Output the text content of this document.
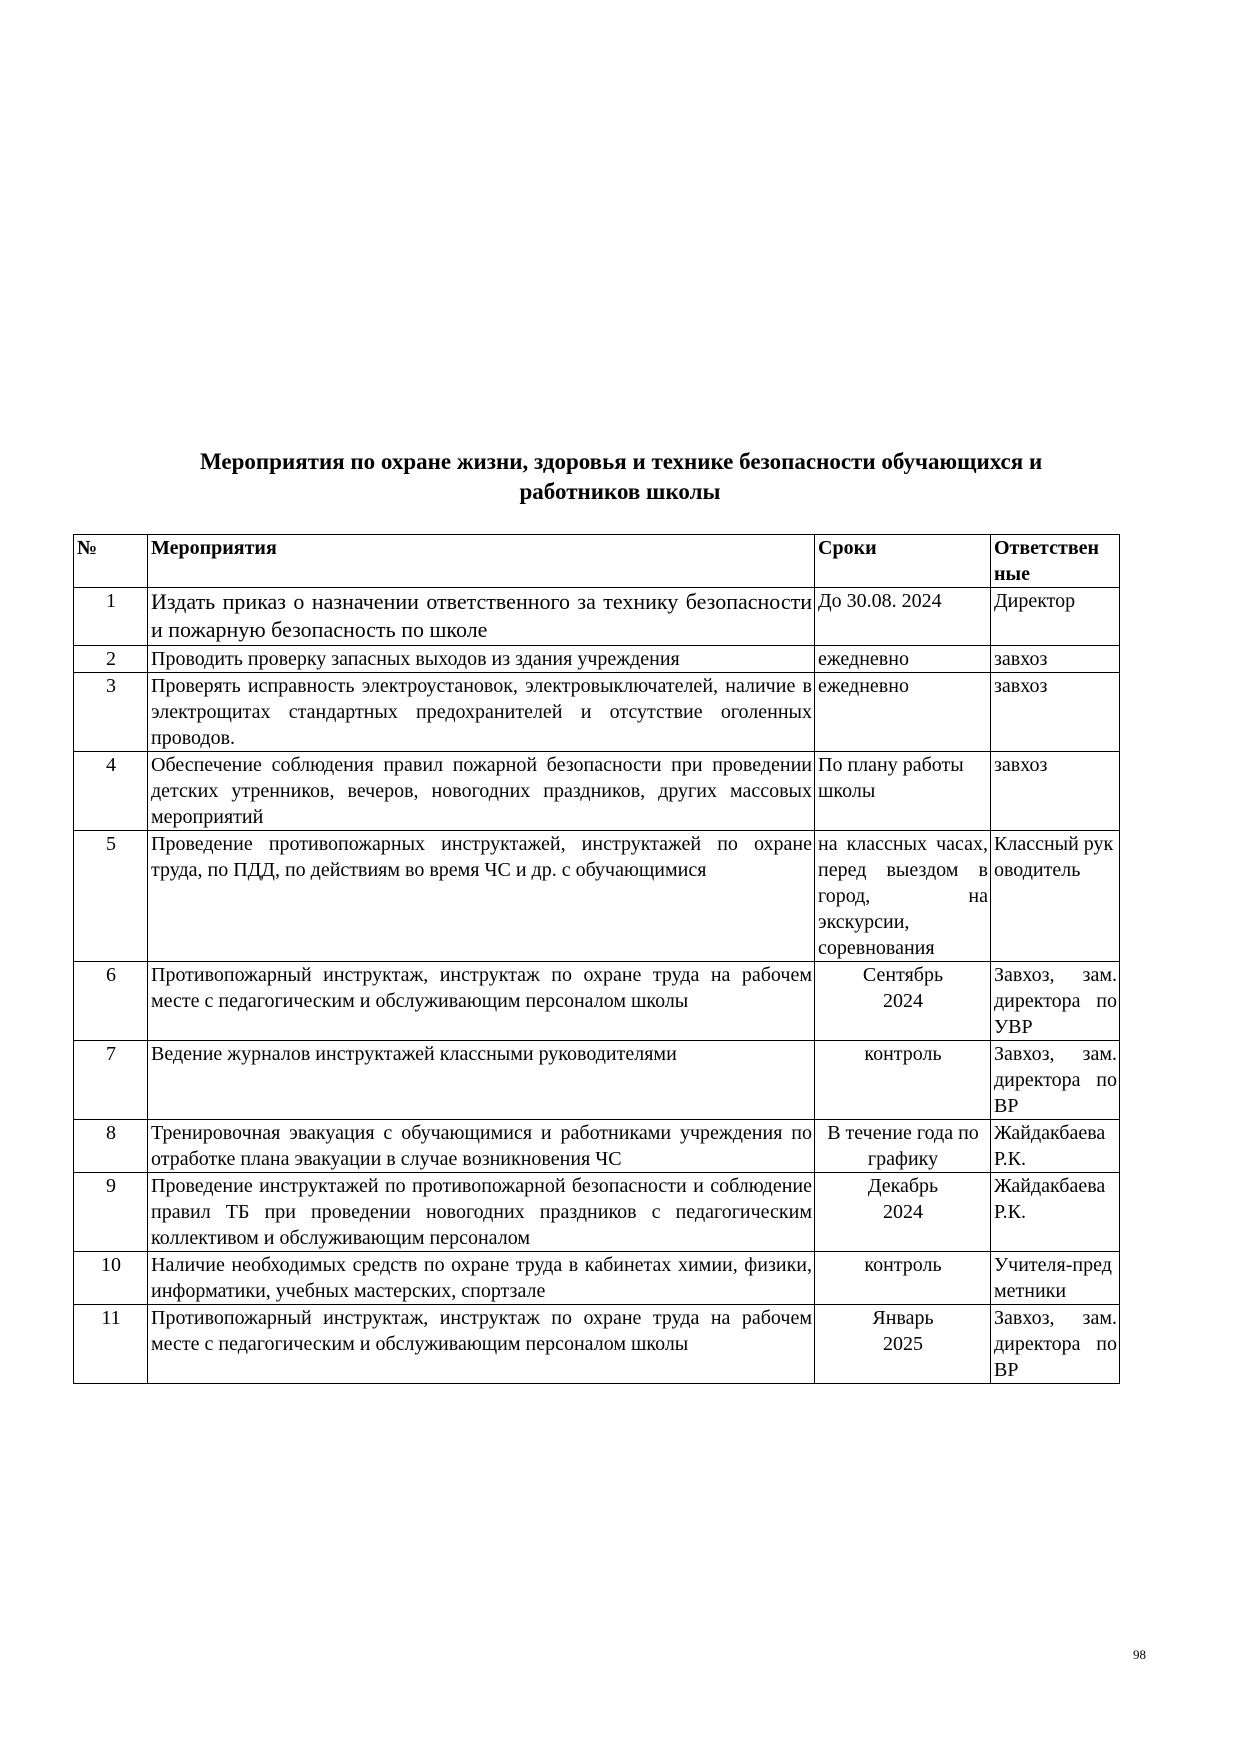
Мероприятия по охране жизни, здоровья и технике безопасности обучающихся и
работников школы
№	Мероприятия	Сроки	Ответствен ные
1	Издать приказ о назначении ответственного за технику безопасности и пожарную безопасность по школе	До 30.08. 2024	Директор
2	Проводить проверку запасных выходов из здания учреждения	ежедневно	завхоз
3	Проверять исправность электроустановок, электровыключателей, наличие в электрощитах стандартных предохранителей и отсутствие оголенных проводов.	ежедневно	завхоз
4	Обеспечение соблюдения правил пожарной безопасности при проведении детских утренников, вечеров, новогодних праздников, других массовых мероприятий	По плану работы школы	завхоз
5	Проведение противопожарных инструктажей, инструктажей по охране труда, по ПДД, по действиям во время ЧС и др. с обучающимися	на классных часах, перед выездом в город, на экскурсии, соревнования	Классный руководитель
6	Противопожарный инструктаж, инструктаж по охране труда на рабочем месте с педагогическим и обслуживающим персоналом школы	Сентябрь 2024	Завхоз, зам. директора по УВР
7	Ведение журналов инструктажей классными руководителями	контроль	Завхоз, зам. директора по ВР
8	Тренировочная эвакуация с обучающимися и работниками учреждения по отработке плана эвакуации в случае возникновения ЧС	В течение года по графику	Жайдакбаева Р.К.
9	Проведение инструктажей по противопожарной безопасности и соблюдение правил ТБ при проведении новогодних праздников с педагогическим коллективом и обслуживающим персоналом	Декабрь 2024	Жайдакбаева Р.К.
10	Наличие необходимых средств по охране труда в кабинетах химии, физики, информатики, учебных мастерских, спортзале	контроль	Учителя-предметники
11	Противопожарный инструктаж, инструктаж по охране труда на рабочем месте с педагогическим и обслуживающим персоналом школы	Январь 2025	Завхоз, зам. директора по ВР
98
